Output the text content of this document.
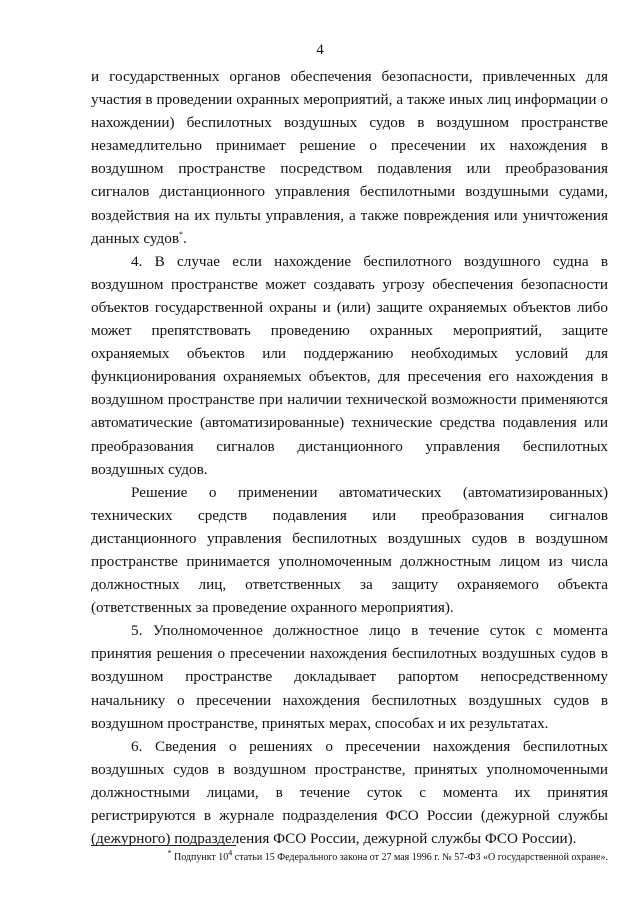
4

и государственных органов обеспечения безопасности, привлеченных для участия в проведении охранных мероприятий, а также иных лиц информации о нахождении) беспилотных воздушных судов в воздушном пространстве незамедлительно принимает решение о пресечении их нахождения в воздушном пространстве посредством подавления или преобразования сигналов дистанционного управления беспилотными воздушными судами, воздействия на их пульты управления, а также повреждения или уничтожения данных судов*.

4. В случае если нахождение беспилотного воздушного судна в воздушном пространстве может создавать угрозу обеспечения безопасности объектов государственной охраны и (или) защите охраняемых объектов либо может препятствовать проведению охранных мероприятий, защите охраняемых объектов или поддержанию необходимых условий для функционирования охраняемых объектов, для пресечения его нахождения в воздушном пространстве при наличии технической возможности применяются автоматические (автоматизированные) технические средства подавления или преобразования сигналов дистанционного управления беспилотных воздушных судов.

Решение о применении автоматических (автоматизированных) технических средств подавления или преобразования сигналов дистанционного управления беспилотных воздушных судов в воздушном пространстве принимается уполномоченным должностным лицом из числа должностных лиц, ответственных за защиту охраняемого объекта (ответственных за проведение охранного мероприятия).

5. Уполномоченное должностное лицо в течение суток с момента принятия решения о пресечении нахождения беспилотных воздушных судов в воздушном пространстве докладывает рапортом непосредственному начальнику о пресечении нахождения беспилотных воздушных судов в воздушном пространстве, принятых мерах, способах и их результатах.

6. Сведения о решениях о пресечении нахождения беспилотных воздушных судов в воздушном пространстве, принятых уполномоченными должностными лицами, в течение суток с момента их принятия регистрируются в журнале подразделения ФСО России (дежурной службы (дежурного) подразделения ФСО России, дежурной службы ФСО России).

* Подпункт $10^4$ статьи 15 Федерального закона от 27 мая 1996 г. № 57-ФЗ «О государственной охране».
